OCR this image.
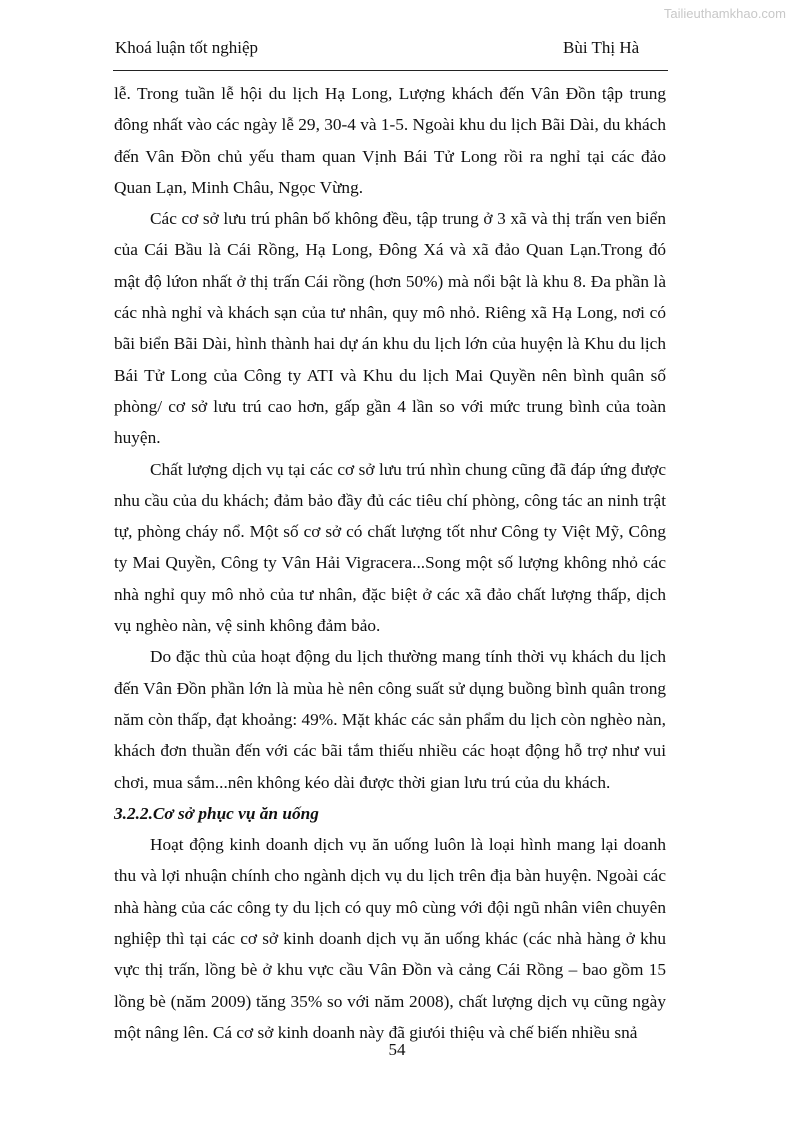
Tailieuthamkhao.com
Khoá luận tốt nghiệp	Bùi Thị Hà

lễ. Trong tuần lễ hội du lịch Hạ Long, Lượng khách đến Vân Đồn tập trung đông nhất vào các ngày lễ 29, 30-4 và 1-5. Ngoài khu du lịch Bãi Dài, du khách đến Vân Đồn chủ yếu tham quan Vịnh Bái Tử Long rồi ra nghỉ tại các đảo Quan Lạn, Minh Châu, Ngọc Vừng.

Các cơ sở lưu trú phân bố không đều, tập trung ở 3 xã và thị trấn ven biển của Cái Bầu là Cái Rồng, Hạ Long, Đông Xá và xã đảo Quan Lạn.Trong đó mật độ lứon nhất ở thị trấn Cái rồng (hơn 50%) mà nổi bật là khu 8. Đa phần là các nhà nghỉ và khách sạn của tư nhân, quy mô nhỏ. Riêng xã Hạ Long, nơi có bãi biển Bãi Dài, hình thành hai dự án khu du lịch lớn của huyện là Khu du lịch Bái Tử Long của Công ty ATI và Khu du lịch Mai Quyền nên bình quân số phòng/ cơ sở lưu trú cao hơn, gấp gần 4 lần so với mức trung bình của toàn huyện.

Chất lượng dịch vụ tại các cơ sở lưu trú nhìn chung cũng đã đáp ứng được nhu cầu của du khách; đảm bảo đầy đủ các tiêu chí phòng, công tác an ninh trật tự, phòng cháy nổ. Một số cơ sở có chất lượng tốt như Công ty Việt Mỹ, Công ty Mai Quyền, Công ty Vân Hải Vigracera...Song một số lượng không nhỏ các nhà nghỉ quy mô nhỏ của tư nhân, đặc biệt ở các xã đảo chất lượng thấp, dịch vụ nghèo nàn, vệ sinh không đảm bảo.

Do đặc thù của hoạt động du lịch thường mang tính thời vụ khách du lịch đến Vân Đồn phần lớn là mùa hè nên công suất sử dụng buồng bình quân trong năm còn thấp, đạt khoảng: 49%. Mặt khác các sản phẩm du lịch còn nghèo nàn, khách đơn thuần đến với các bãi tắm thiếu nhiều các hoạt động hỗ trợ như vui chơi, mua sắm...nên không kéo dài được thời gian lưu trú của du khách.

3.2.2.Cơ sở phục vụ ăn uống

Hoạt động kinh doanh dịch vụ ăn uống luôn là loại hình mang lại doanh thu và lợi nhuận chính cho ngành dịch vụ du lịch trên địa bàn huyện. Ngoài các nhà hàng của các công ty du lịch có quy mô cùng với đội ngũ nhân viên chuyên nghiệp thì tại các cơ sở kinh doanh dịch vụ ăn uống khác (các nhà hàng ở khu vực thị trấn, lồng bè ở khu vực cầu Vân Đồn và cảng Cái Rồng – bao gồm 15 lồng bè (năm 2009) tăng 35% so với năm 2008), chất lượng dịch vụ cũng ngày một nâng lên. Cá cơ sở kinh doanh này đã giưói thiệu và chế biến nhiều snả

54
